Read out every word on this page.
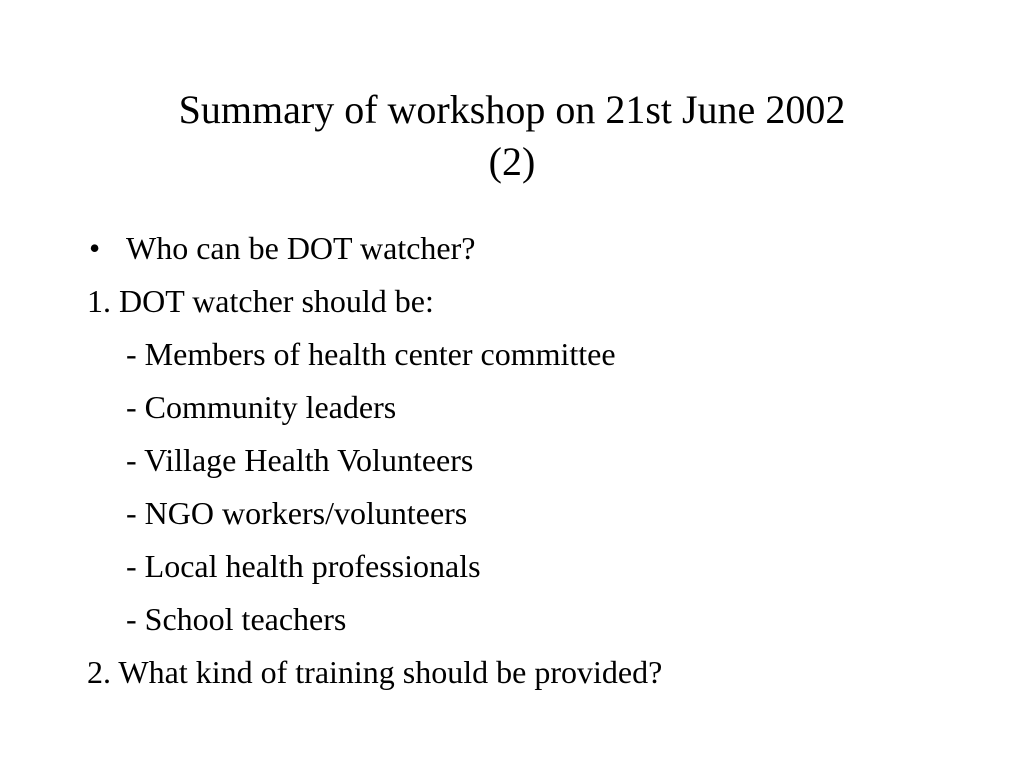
Summary of workshop on 21st June 2002
(2)
• Who can be DOT watcher?
1. DOT watcher should be:
- Members of health center committee
- Community leaders
- Village Health Volunteers
- NGO workers/volunteers
- Local health professionals
- School teachers
2. What kind of training should be provided?
